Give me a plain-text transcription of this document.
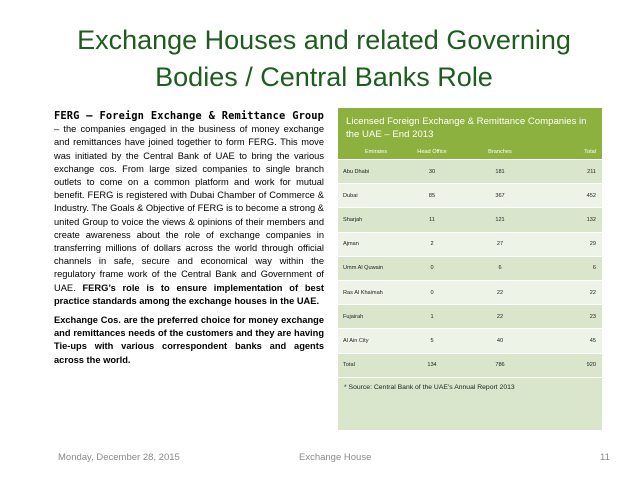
Exchange Houses and related Governing
Bodies / Central Banks Role

FERG – Foreign Exchange & Remittance Group – the companies engaged in the business of money exchange and remittances have joined together to form FERG. This move was initiated by the Central Bank of UAE to bring the various exchange cos. From large sized companies to single branch outlets to come on a common platform and work for mutual benefit. FERG is registered with Dubai Chamber of Commerce & Industry. The Goals & Objective of FERG is to become a strong & united Group to voice the views & opinions of their members and create awareness about the role of exchange companies in transferring millions of dollars across the world through official channels in safe, secure and economical way within the regulatory frame work of the Central Bank and Government of UAE. FERG’s role is to ensure implementation of best practice standards among the exchange houses in the UAE.

Exchange Cos. are the preferred choice for money exchange and remittances needs of the customers and they are having Tie-ups with various correspondent banks and agents across the world.

Licensed Foreign Exchange & Remittance Companies in the UAE – End 2013
Emirates	Head Office	Branches	Total
Abu Dhabi	30	181	211
Dubai	85	367	452
Sharjah	11	121	132
Ajman	2	27	29
Umm Al Quwain	0	6	6
Ras Al Khaimah	0	22	22
Fujairah	1	22	23
Al Ain City	5	40	45
Total	134	786	920
* Source: Central Bank of the UAE’s Annual Report 2013
Monday, December 28, 2015	Exchange House	11
